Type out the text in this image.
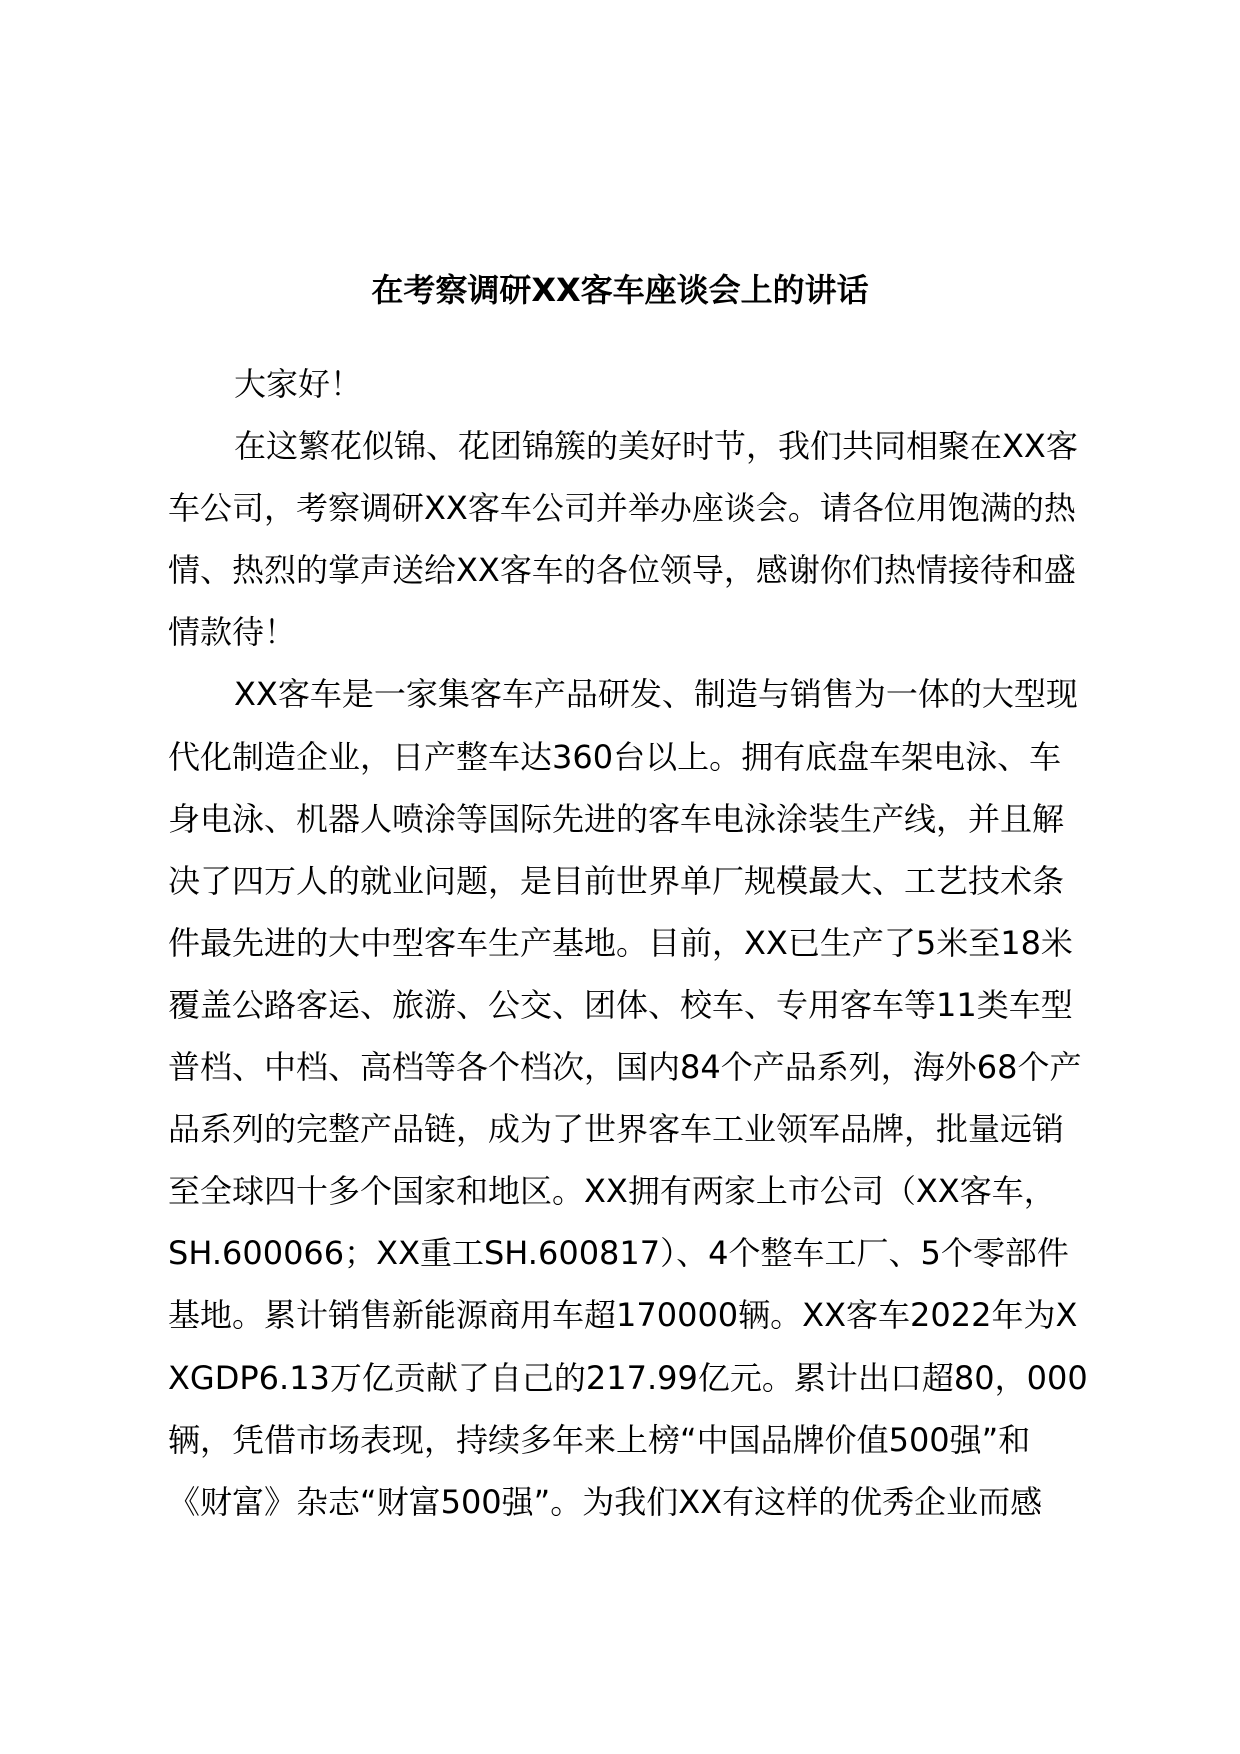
在考察调研XX客车座谈会上的讲话
大家好！
在这繁花似锦、花团锦簇的美好时节，我们共同相聚在XX客
车公司，考察调研XX客车公司并举办座谈会。请各位用饱满的热
情、热烈的掌声送给XX客车的各位领导，感谢你们热情接待和盛
情款待！
XX客车是一家集客车产品研发、制造与销售为一体的大型现
代化制造企业，日产整车达360台以上。拥有底盘车架电泳、车
身电泳、机器人喷涂等国际先进的客车电泳涂装生产线，并且解
决了四万人的就业问题，是目前世界单厂规模最大、工艺技术条
件最先进的大中型客车生产基地。目前，XX已生产了5米至18米
覆盖公路客运、旅游、公交、团体、校车、专用客车等11类车型
普档、中档、高档等各个档次，国内84个产品系列，海外68个产
品系列的完整产品链，成为了世界客车工业领军品牌，批量远销
至全球四十多个国家和地区。XX拥有两家上市公司（XX客车，
SH.600066；XX重工SH.600817）、4个整车工厂、5个零部件
基地。累计销售新能源商用车超170000辆。XX客车2022年为X
XGDP6.13万亿贡献了自己的217.99亿元。累计出口超80，000
辆，凭借市场表现，持续多年来上榜“中国品牌价值500强”和
《财富》杂志“财富500强”。为我们XX有这样的优秀企业而感
